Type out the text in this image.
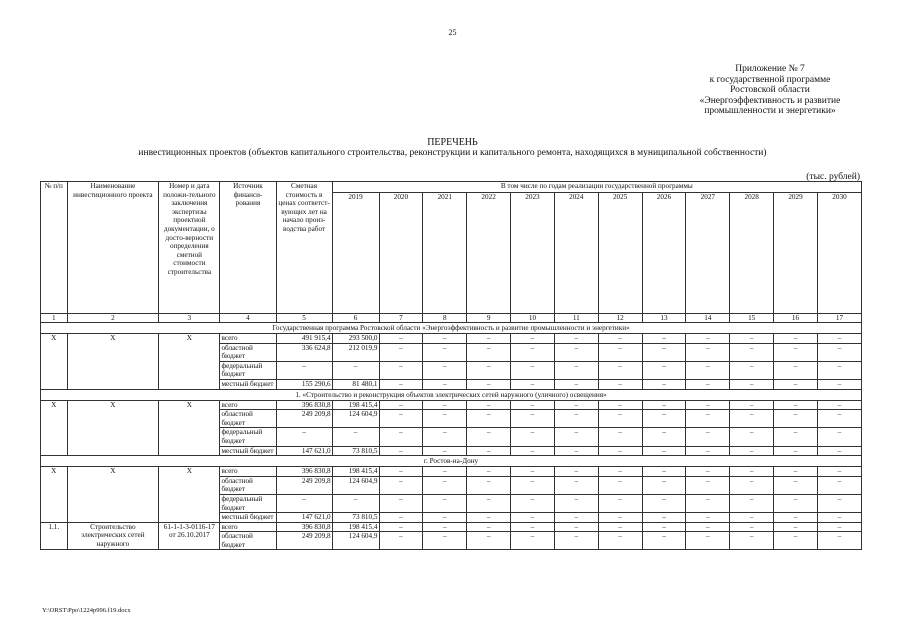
25
Приложение № 7
к государственной программе
Ростовской области
«Энергоэффективность и развитие
промышленности и энергетики»
ПЕРЕЧЕНЬ
инвестиционных проектов (объектов капитального строительства, реконструкции и капитального ремонта, находящихся в муниципальной собственности)
(тыс. рублей)
№ п/п	Наименование инвестиционного проекта	Номер и дата положи-тельного заключения экспертизы проектной документации, о досто-верности определения сметной стоимости строительства	Источник финанси-рования	Сметная стоимость в ценах соответст-вующих лет на начало произ-водства работ	В том числе по годам реализации государственной программы											
					2019	2020	2021	2022	2023	2024	2025	2026	2027	2028	2029	2030
1	2	3	4	5	6	7	8	9	10	11	12	13	14	15	16	17
Государственная программа Ростовской области «Энергоэффективность и развитие промышленности и энергетики»																
Х	Х	Х	всего	491 915,4	293 500,0	–	–	–	–	–	–	–	–	–	–	–
			областной бюджет	336 624,8	212 019,9	–	–	–	–	–	–	–	–	–	–	–
			федеральный бюджет	–	–	–	–	–	–	–	–	–	–	–	–	–
			местный бюджет	155 290,6	81 480,1	–	–	–	–	–	–	–	–	–	–	–
1. «Строительство и реконструкция объектов электрических сетей наружного (уличного) освещения»																
Х	Х	Х	всего	396 830,8	198 415,4	–	–	–	–	–	–	–	–	–	–	–
			областной бюджет	249 209,8	124 604,9	–	–	–	–	–	–	–	–	–	–	–
			федеральный бюджет	–	–	–	–	–	–	–	–	–	–	–	–	–
			местный бюджет	147 621,0	73 810,5	–	–	–	–	–	–	–	–	–	–	–
г. Ростов-на-Дону																
Х	Х	Х	всего	396 830,8	198 415,4	–	–	–	–	–	–	–	–	–	–	–
			областной бюджет	249 209,8	124 604,9	–	–	–	–	–	–	–	–	–	–	–
			федеральный бюджет	–	–	–	–	–	–	–	–	–	–	–	–	–
			местный бюджет	147 621,0	73 810,5	–	–	–	–	–	–	–	–	–	–	–
1.1.	Строительство электрических сетей наружного	61-1-1-3-0116-17 от 26.10.2017	всего	396 830,8	198 415,4	–	–	–	–	–	–	–	–	–	–	–
			областной бюджет	249 209,8	124 604,9	–	–	–	–	–	–	–	–	–	–	–
Y:\ORST\Ppo\1224p996.f19.docx
